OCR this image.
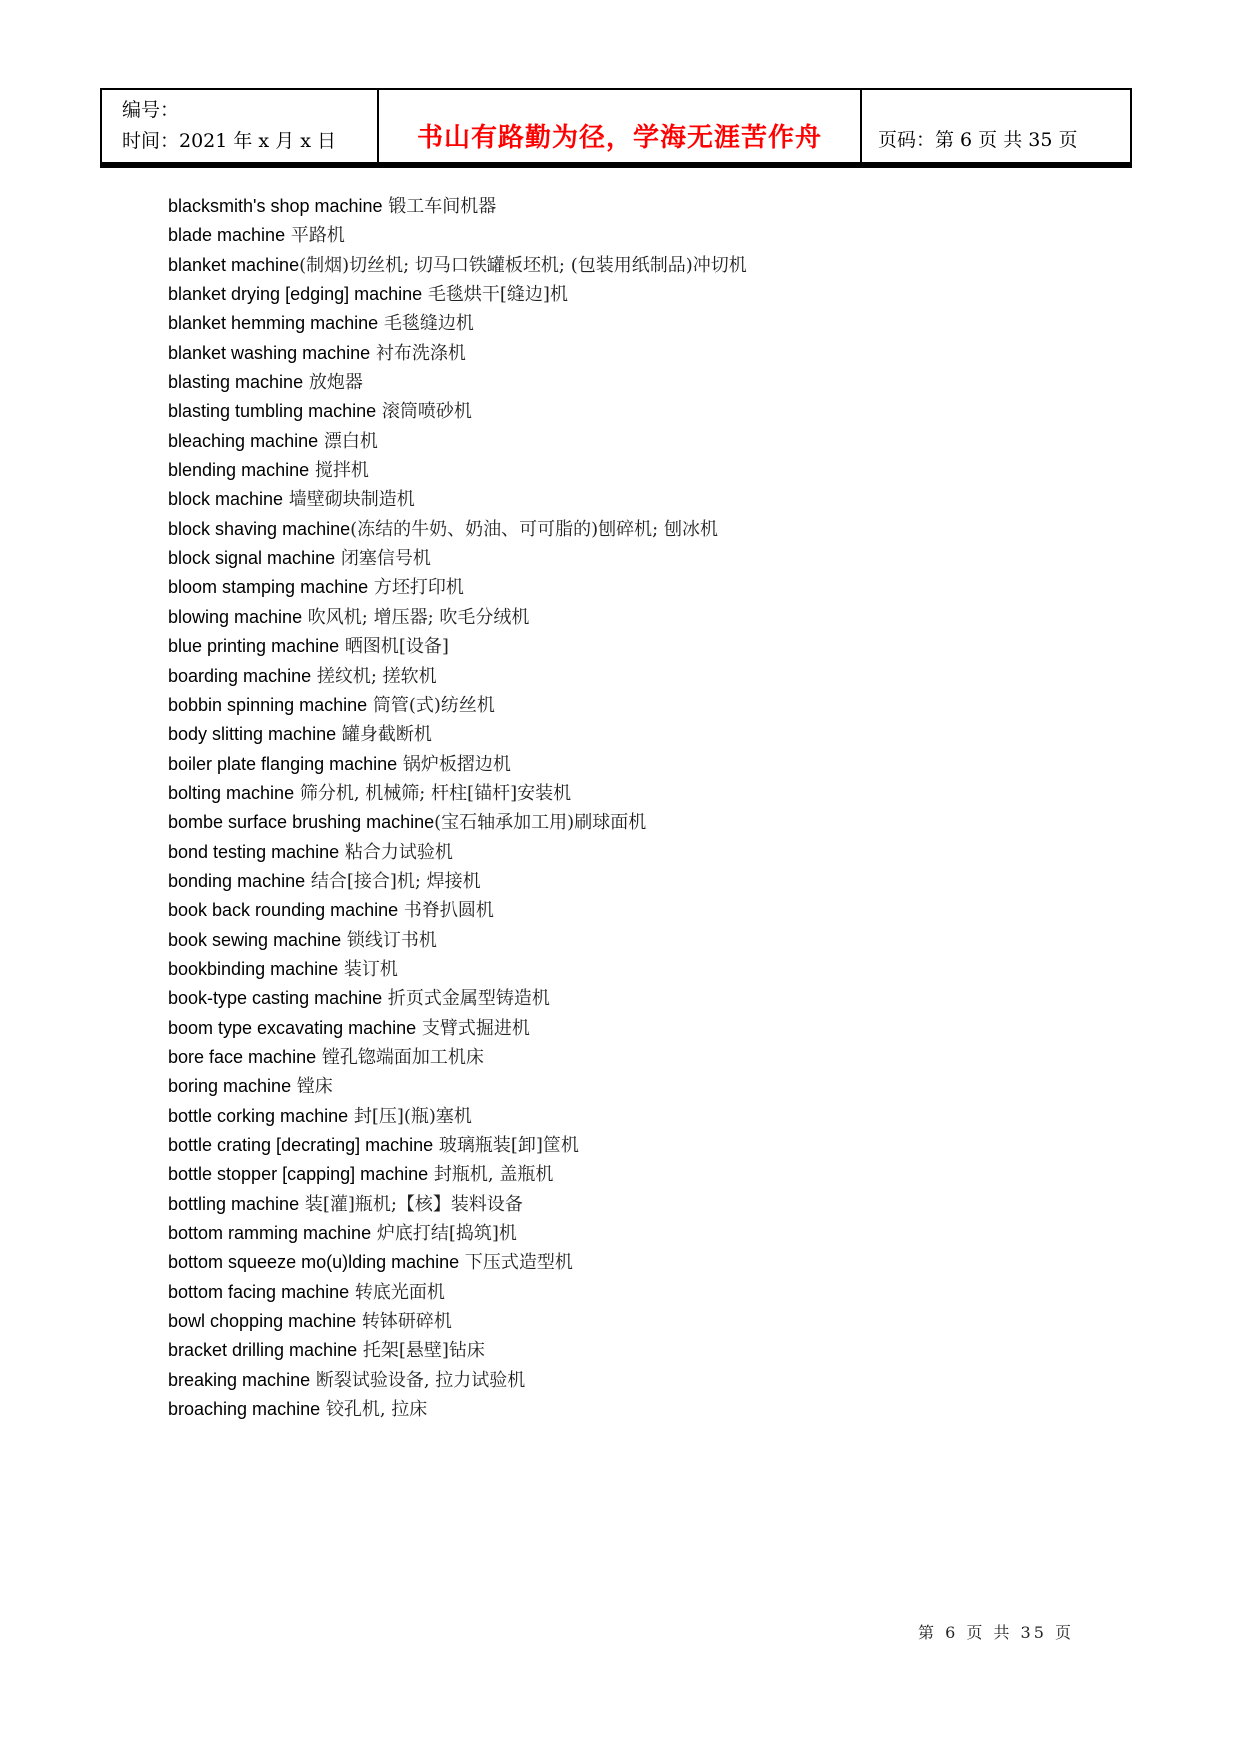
编号：
时间：2021 年 x 月 x 日	书山有路勤为径，学海无涯苦作舟	页码：第 6 页 共 35 页
blacksmith's shop machine 锻工车间机器
blade machine 平路机
blanket machine(制烟)切丝机; 切马口铁罐板坯机; (包装用纸制品)冲切机
blanket drying [edging] machine 毛毯烘干[缝边]机
blanket hemming machine 毛毯缝边机
blanket washing machine 衬布洗涤机
blasting machine 放炮器
blasting tumbling machine 滚筒喷砂机
bleaching machine 漂白机
blending machine 搅拌机
block machine 墙壁砌块制造机
block shaving machine(冻结的牛奶、奶油、可可脂的)刨碎机; 刨冰机
block signal machine 闭塞信号机
bloom stamping machine 方坯打印机
blowing machine 吹风机; 增压器; 吹毛分绒机
blue printing machine 晒图机[设备]
boarding machine 搓纹机; 搓软机
bobbin spinning machine 筒管(式)纺丝机
body slitting machine 罐身截断机
boiler plate flanging machine 锅炉板摺边机
bolting machine 筛分机, 机械筛; 杆柱[锚杆]安装机
bombe surface brushing machine(宝石轴承加工用)刷球面机
bond testing machine 粘合力试验机
bonding machine 结合[接合]机; 焊接机
book back rounding machine 书脊扒圆机
book sewing machine 锁线订书机
bookbinding machine 装订机
book-type casting machine 折页式金属型铸造机
boom type excavating machine 支臂式掘进机
bore face machine 镗孔锪端面加工机床
boring machine 镗床
bottle corking machine 封[压](瓶)塞机
bottle crating [decrating] machine 玻璃瓶装[卸]筐机
bottle stopper [capping] machine 封瓶机, 盖瓶机
bottling machine 装[灌]瓶机;【核】装料设备
bottom ramming machine 炉底打结[捣筑]机
bottom squeeze mo(u)lding machine 下压式造型机
bottom facing machine 转底光面机
bowl chopping machine 转钵研碎机
bracket drilling machine 托架[悬壁]钻床
breaking machine 断裂试验设备, 拉力试验机
broaching machine 铰孔机, 拉床
第 6 页 共 35 页
